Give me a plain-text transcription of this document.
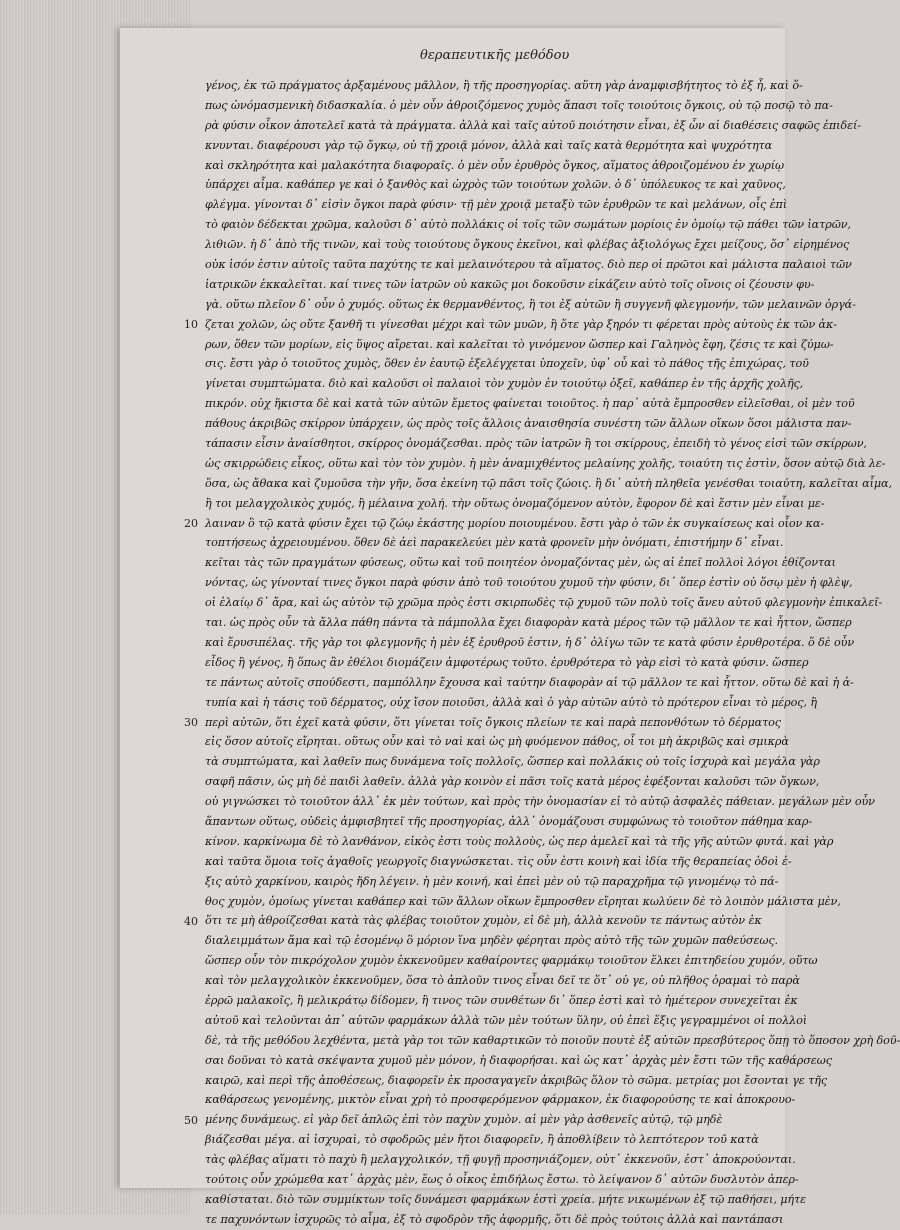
θεραπευτικῆς μεθόδου
γένος, ἐκ τῶ πράγματος ἀρξαμένους μᾶλλον, ἢ τῆς προσηγορίας. αὕτη γὰρ ἀναμφισβήτητος τὸ ἐξ ἧ, καὶ ὅ-
πως ὠνόμασμενικὴ διδασκαλία. ὁ μὲν οὖν ἀθροιζόμενος χυμὸς ἅπασι τοῖς τοιούτοις ὄγκοις, οὐ τῷ ποσῷ τὸ πα-
ρὰ φύσιν οἶκον ἀποτελεῖ κατὰ τὰ πράγματα. ἀλλὰ καὶ ταῖς αὐτοῦ ποιότησιν εἶναι, ἐξ ὧν αἱ διαθέσεις σαφῶς ἐπιδεί-
κνυνται. διαφέρουσι γὰρ τῷ ὄγκῳ, οὐ τῇ χροιᾷ μόνον, ἀλλὰ καὶ ταῖς κατὰ θερμότητα καὶ ψυχρότητα
καὶ σκληρότητα καὶ μαλακότητα διαφοραῖς. ὁ μὲν οὖν ἐρυθρὸς ὄγκος, αἵματος ἀθροιζομένου ἐν χωρίῳ
ὑπάρχει αἷμα. καθάπερ γε καὶ ὁ ξανθὸς καὶ ὠχρὸς τῶν τοιούτων χολῶν. ὁ δ᾽ ὑπόλευκος τε καὶ χαῦνος,
φλέγμα. γίνονται δ᾽ εἰσὶν ὄγκοι παρὰ φύσιν· τῇ μὲν χροιᾷ μεταξὺ τῶν ἐρυθρῶν τε καὶ μελάνων, οἷς ἐπὶ
τὸ φαιὸν δέδεκται χρῶμα, καλοῦσι δ᾽ αὐτὸ πολλάκις οἱ τοῖς τῶν σωμάτων μορίοις ἐν ὁμοίῳ τῷ πάθει τῶν ἰατρῶν,
λιθιῶν. ἡ δ᾽ ἀπὸ τῆς τινῶν, καὶ τοὺς τοιούτους ὄγκους ἐκεῖνοι, καὶ φλέβας ἀξιολόγως ἔχει μείζους, ὅσ᾽ εἰρημένος
οὐκ ἰσόν ἐστιν αὐτοῖς ταῦτα παχύτης τε καὶ μελαινότερου τὰ αἵματος. διὸ περ οἱ πρῶτοι καὶ μάλιστα παλαιοὶ τῶν
ἰατρικῶν ἐκκαλεῖται. καί τινες τῶν ἰατρῶν οὐ κακῶς μοι δοκοῦσιν εἰκάζειν αὐτὸ τοῖς οἴνοις οἱ ζέουσιν φυ-
γὰ. οὕτω πλεῖον δ᾽ οὖν ὁ χυμός. οὕτως ἐκ θερμανθέντος, ἢ τοι ἐξ αὐτῶν ἢ συγγενῆ φλεγμονήν, τῶν μελαινῶν ὀργά-
ζεται χολῶν, ὡς οὔτε ξανθῆ τι γίνεσθαι μέχρι καὶ τῶν μυῶν, ἢ ὅτε γὰρ ξηρόν τι φέρεται πρὸς αὐτοὺς ἐκ τῶν ἀκ-
ρων, ὅθεν τῶν μορίων, εἰς ὕψος αἴρεται. καὶ καλεῖται τὸ γινόμενον ὥσπερ καὶ Γαληνὸς ἔφη, ζέσις τε καὶ ζύμω-
σις. ἔστι γὰρ ὁ τοιοῦτος χυμὸς, ὅθεν ἐν ἑαυτῷ ἐξελέγχεται ὑποχεῖν, ὑφ᾽ οὗ καὶ τὸ πάθος τῆς ἐπιχώρας, τοῦ
γίνεται συμπτώματα. διὸ καὶ καλοῦσι οἱ παλαιοὶ τὸν χυμὸν ἐν τοιούτῳ ὀξεῖ, καθάπερ ἐν τῆς ἀρχῆς χολῆς,
πικρόν. οὐχ ἥκιστα δὲ καὶ κατὰ τῶν αὐτῶν ἔμετος φαίνεται τοιοῦτος. ἡ παρ᾽ αὐτὰ ἔμπροσθεν εἰλεῖσθαι, οἱ μὲν τοῦ
πάθους ἀκριβῶς σκίρρον ὑπάρχειν, ὡς πρὸς τοῖς ἄλλοις ἀναισθησία συνέστη τῶν ἄλλων οἴκων ὅσοι μάλιστα παν-
τάπασιν εἶσιν ἀναίσθητοι, σκίρρος ὀνομάζεσθαι. πρὸς τῶν ἰατρῶν ἢ τοι σκίρρους, ἐπειδὴ τὸ γένος εἰσὶ τῶν σκίρρων,
ὡς σκιρρώδεις εἶκος, οὕτω καὶ τὸν τὸν χυμὸν. ἡ μὲν ἀναμιχθέντος μελαίνης χολῆς, τοιαύτη τις ἐστὶν, ὅσον αὐτῷ διὰ λε-
ὅσα, ὡς ἄθακα καὶ ζυμοῦσα τὴν γῆν, ὅσα ἐκείνη τῷ πᾶσι τοῖς ζώοις. ἢ δι᾽ αὐτὴ πληθεῖα γενέσθαι τοιαύτη, καλεῖται αἷμα,
ἢ τοι μελαγχολικὸς χυμός, ἢ μέλαινα χολή. τὴν οὕτως ὀνομαζόμενον αὐτὸν, ἔφορον δὲ καὶ ἔστιν μὲν εἶναι με-
λαιναν ὃ τῷ κατὰ φύσιν ἔχει τῷ ζώῳ ἐκάστης μορίου ποιουμένου. ἔστι γὰρ ὁ τῶν ἐκ συγκαίσεως καὶ οἷον κα-
τοπτήσεως ἀχρειουμένου. ὅθεν δὲ ἀεὶ παρακελεύει μὲν κατὰ φρονεῖν μὴν ὀνόματι, ἐπιστήμην δ᾽ εἶναι.
κεῖται τὰς τῶν πραγμάτων φύσεως, οὕτω καὶ τοῦ ποιητέον ὀνομαζόντας μὲν, ὡς αἱ ἐπεῖ πολλοὶ λόγοι ἐθίζονται
νόντας, ὡς γίνονταί τινες ὄγκοι παρὰ φύσιν ἀπὸ τοῦ τοιούτου χυμοῦ τὴν φύσιν, δι᾽ ὅπερ ἐστὶν οὐ ὅσῳ μὲν ἡ φλὲψ,
οἱ ἐλαίῳ δ᾽ ἄρα, καὶ ὡς αὐτὸν τῷ χρῶμα πρὸς ἐστι σκιρπωδὲς τῷ χυμοῦ τῶν πολὺ τοῖς ἄνευ αὐτοῦ φλεγμονὴν ἐπικαλεῖ-
ται. ὡς πρὸς οὖν τὰ ἄλλα πάθη πάντα τὰ πάμπολλα ἔχει διαφορὰν κατὰ μέρος τῶν τῷ μᾶλλον τε καὶ ἧττον, ὥσπερ
καὶ ἔρυσιπέλας. τῆς γὰρ τοι φλεγμονῆς ἡ μὲν ἐξ ἐρυθροῦ ἐστιν, ἡ δ᾽ ὀλίγω τῶν τε κατὰ φύσιν ἐρυθροτέρα. ὅ δὲ οὖν
εἶδος ἢ γένος, ἢ ὅπως ἂν ἐθέλοι διομάζειν ἀμφοτέρως τοῦτο. ἐρυθρότερα τὸ γὰρ εἰσὶ τὸ κατὰ φύσιν. ὥσπερ
τε πάντως αὐτοῖς σπούδεστι, παμπόλλην ἔχουσα καὶ ταύτην διαφορὰν αἱ τῷ μᾶλλον τε καὶ ἧττον. οὕτω δὲ καὶ ἡ ἀ-
τυπία καὶ ἡ τάσις τοῦ δέρματος, οὐχ ἴσον ποιοῦσι, ἀλλὰ καὶ ὁ γὰρ αὐτῶν αὐτὸ τὸ πρότερον εἶναι τὸ μέρος, ἢ
περὶ αὐτῶν, ὅτι ἐχεῖ κατὰ φύσιν, ὅτι γίνεται τοῖς ὄγκοις πλείων τε καὶ παρὰ πεπονθότων τὸ δέρματος
εἰς ὅσον αὐτοῖς εἴρηται. οὕτως οὖν καὶ τὸ ναὶ καὶ ὡς μὴ φυόμενον πάθος, οἷ τοι μὴ ἀκριβῶς καὶ σμικρὰ
τὰ συμπτώματα, καὶ λαθεῖν πως δυνάμενα τοῖς πολλοῖς, ὥσπερ καὶ πολλάκις οὐ τοῖς ἰσχυρὰ καὶ μεγάλα γὰρ
σαφῆ πᾶσιν, ὡς μὴ δὲ παιδὶ λαθεῖν. ἀλλὰ γὰρ κοινὸν εἰ πᾶσι τοῖς κατὰ μέρος ἐφέξονται καλοῦσι τῶν ὄγκων,
οὐ γιγνώσκει τὸ τοιοῦτον ἀλλ᾽ ἐκ μὲν τούτων, καὶ πρὸς τὴν ὀνομασίαν εἰ τὸ αὐτῷ ἀσφαλὲς πάθειαν. μεγάλων μὲν οὖν
ἅπαντων οὕτως, οὐδεὶς ἀμφισβητεῖ τῆς προσηγορίας, ἀλλ᾽ ὀνομάζουσι συμφώνως τὸ τοιοῦτον πάθημα καρ-
κίνον. καρκίνωμα δὲ τὸ λανθάνον, εἰκὸς ἐστι τοὺς πολλοὺς, ὡς περ ἀμελεῖ καὶ τὰ τῆς γῆς αὐτῶν φυτά. καὶ γὰρ
καὶ ταῦτα ὅμοια τοῖς ἀγαθοῖς γεωργοῖς διαγνώσκεται. τὶς οὖν ἐστι κοινὴ καὶ ἰδία τῆς θεραπείας ὁδοὶ ἐ-
ξις αὐτὸ χαρκίνου, καιρὸς ἤδη λέγειν. ἡ μὲν κοινή, καὶ ἐπεὶ μὲν οὐ τῷ παραχρῆμα τῷ γινομένῳ τὸ πά-
θος χυμὸν, ὁμοίως γίνεται καθάπερ καὶ τῶν ἄλλων οἴκων ἔμπροσθεν εἴρηται κωλύειν δὲ τὸ λοιπὸν μάλιστα μὲν,
ὅτι τε μὴ ἀθροίζεσθαι κατὰ τὰς φλέβας τοιοῦτον χυμὸν, εἰ δὲ μὴ, ἀλλὰ κενοῦν τε πάντως αὐτὸν ἐκ
διαλειμμάτων ἅμα καὶ τῷ ἐσομένῳ ὃ μόριον ἵνα μηδὲν φέρηται πρὸς αὐτὸ τῆς τῶν χυμῶν παθεύσεως.
ὥσπερ οὖν τὸν πικρόχολον χυμὸν ἐκκενοῦμεν καθαίροντες φαρμάκῳ τοιοῦτον ἕλκει ἐπιτηδείου χυμόν, οὕτω
καὶ τὸν μελαγχολικὸν ἐκκενοῦμεν, ὅσα τὸ ἀπλοῦν τινος εἶναι δεῖ τε ὅτ᾽ οὐ γε, οὐ πλῆθος ὁραμαὶ τὸ παρὰ
ἐρρῶ μαλακοῖς, ἢ μελικράτῳ δίδομεν, ἢ τινος τῶν συνθέτων δι᾽ ὅπερ ἐστὶ καὶ τὸ ἡμέτερον συνεχεῖται ἐκ
αὐτοῦ καὶ τελοῦνται ἀπ᾽ αὐτῶν φαρμάκων ἀλλὰ τῶν μὲν τούτων ὕλην, οὐ ἐπεὶ ἕξις γεγραμμένοι οἱ πολλοὶ
δὲ, τὰ τῆς μεθόδου λεχθέντα, μετὰ γὰρ τοι τῶν καθαρτικῶν τὸ ποιοῦν πουτὲ ἐξ αὐτῶν πρεσβύτερος ὅπῃ τὸ ὅποσον χρὴ δοῦ-
σαι δοῦναι τὸ κατὰ σκέψαντα χυμοῦ μὲν μόνον, ἡ διαφορήσαι. καὶ ὡς κατ᾽ ἀρχὰς μὲν ἔστι τῶν τῆς καθάρσεως
καιρῶ, καὶ περὶ τῆς ἀποθέσεως, διαφορεῖν ἐκ προσαγαγεῖν ἀκριβῶς ὅλον τὸ σῶμα. μετρίας μοι ἔσονται γε τῆς
καθάρσεως γενομένης, μικτὸν εἶναι χρὴ τὸ προσφερόμενον φάρμακον, ἐκ διαφορούσης τε καὶ ἀποκρουο-
μένης δυνάμεως. εἰ γὰρ δεῖ ἁπλῶς ἐπὶ τὸν παχὺν χυμὸν. αἱ μὲν γὰρ ἀσθενεῖς αὐτῷ, τῷ μηδὲ
βιάζεσθαι μέγα. αἱ ἰσχυραὶ, τὸ σφοδρῶς μὲν ἤτοι διαφορεῖν, ἢ ἀποθλίβειν τὸ λεπτότερον τοῦ κατὰ
τὰς φλέβας αἵματι τὸ παχὺ ἢ μελαγχολικόν, τῇ φυγῇ προσηνιάζομεν, οὐτ᾽ ἐκκενοῦν, ἐστ᾽ ἀποκρούονται.
τούτοις οὖν χρώμεθα κατ᾽ ἀρχὰς μὲν, ἕως ὁ οἶκος ἐπιδήλως ἔστω. τὸ λείψανον δ᾽ αὐτῶν δυσλυτὸν ἀπερ-
καθίσταται. διὸ τῶν συμμίκτων τοῖς δυνάμεσι φαρμάκων ἐστὶ χρεία. μήτε νικωμένων ἐξ τῷ παθήσει, μήτε
τε παχυνόντων ἰσχυρῶς τὸ αἷμα, ἐξ τὸ σφοδρὸν τῆς ἀφορμῆς, ὅτι δὲ πρὸς τούτοις ἀλλὰ καὶ παντάπασι
10
20
30
40
50
